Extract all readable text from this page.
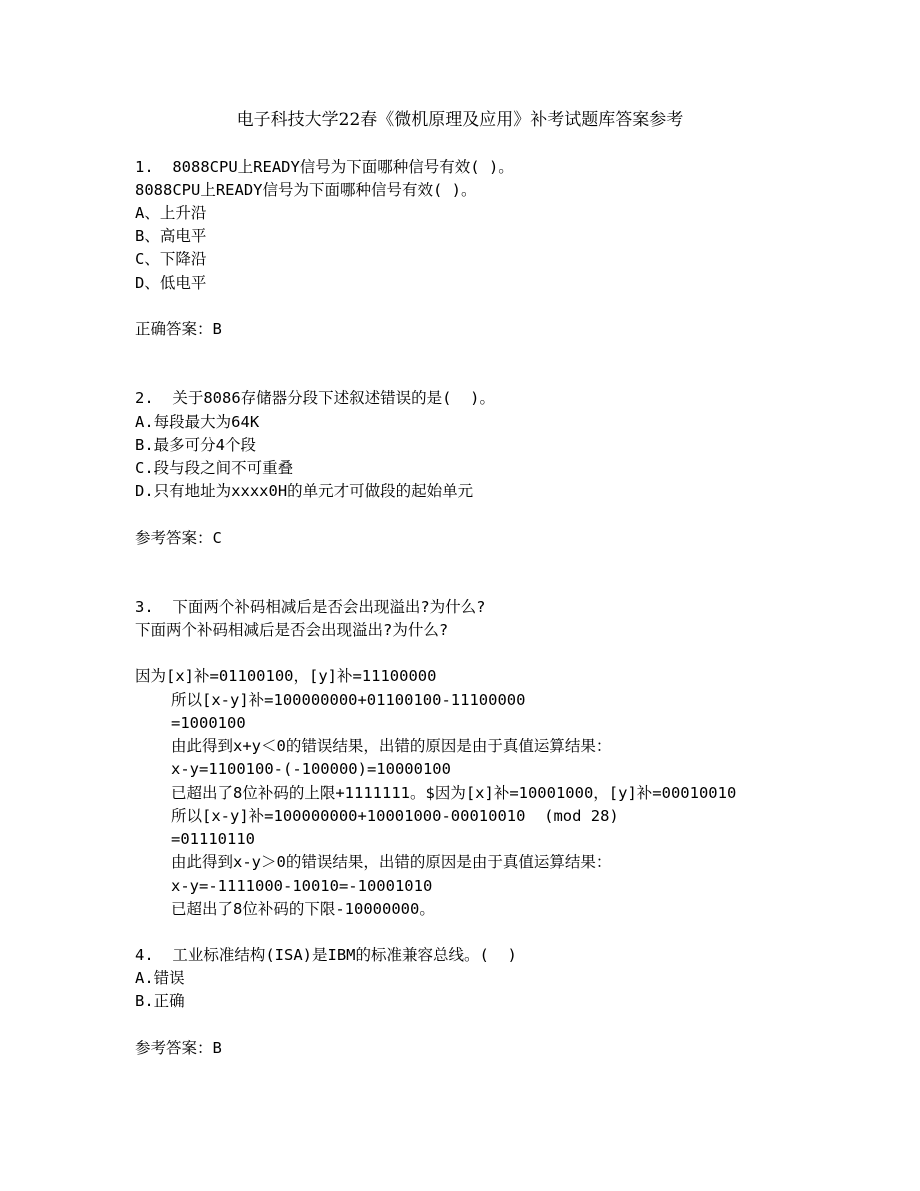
电子科技大学22春《微机原理及应用》补考试题库答案参考
1.  8088CPU上READY信号为下面哪种信号有效( )。
8088CPU上READY信号为下面哪种信号有效( )。
A、上升沿
B、高电平
C、下降沿
D、低电平
正确答案：B
2.  关于8086存储器分段下述叙述错误的是(  )。
A.每段最大为64K
B.最多可分4个段
C.段与段之间不可重叠
D.只有地址为xxxx0H的单元才可做段的起始单元
参考答案：C
3.  下面两个补码相减后是否会出现溢出?为什么?
下面两个补码相减后是否会出现溢出?为什么?
因为[x]补=01100100，[y]补=11100000
所以[x-y]补=100000000+01100100-11100000
=1000100
由此得到x+y＜0的错误结果，出错的原因是由于真值运算结果：
x-y=1100100-(-100000)=10000100
已超出了8位补码的上限+1111111。$因为[x]补=10001000，[y]补=00010010
所以[x-y]补=100000000+10001000-00010010  (mod 28)
=01110110
由此得到x-y＞0的错误结果，出错的原因是由于真值运算结果：
x-y=-1111000-10010=-10001010
已超出了8位补码的下限-10000000。
4.  工业标准结构(ISA)是IBM的标准兼容总线。(  )
A.错误
B.正确
参考答案：B
